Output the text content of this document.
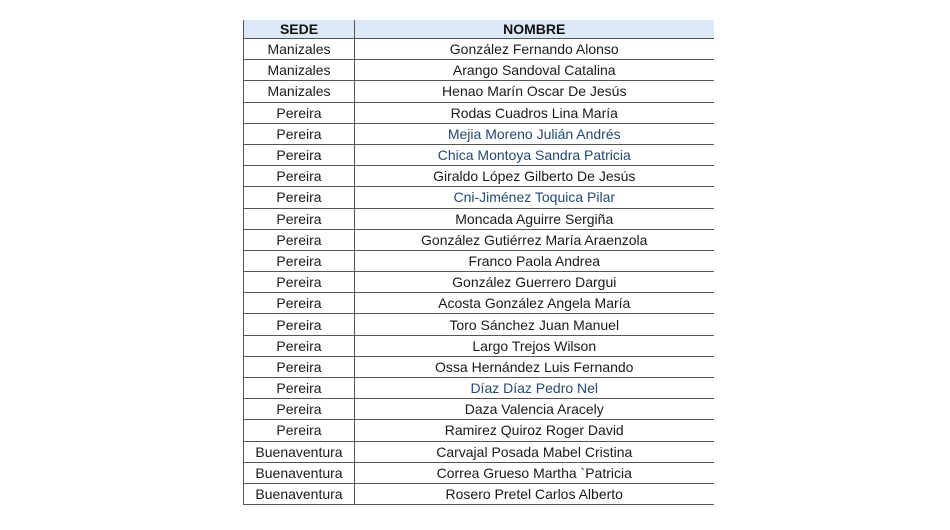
SEDE	NOMBRE
Manizales	González Fernando Alonso
Manizales	Arango Sandoval Catalina
Manizales	Henao Marín Oscar De Jesús
Pereira	Rodas Cuadros Lina María
Pereira	Mejia Moreno Julián Andrés
Pereira	Chica Montoya Sandra Patricia
Pereira	Giraldo López Gilberto De Jesús
Pereira	Cni-Jiménez Toquica Pilar
Pereira	Moncada Aguirre Sergiña
Pereira	González Gutiérrez María Araenzola
Pereira	Franco Paola Andrea
Pereira	González Guerrero Dargui
Pereira	Acosta González Angela María
Pereira	Toro Sánchez Juan Manuel
Pereira	Largo Trejos Wilson
Pereira	Ossa Hernández Luis Fernando
Pereira	Díaz Díaz Pedro Nel
Pereira	Daza Valencia Aracely
Pereira	Ramirez Quiroz Roger David
Buenaventura	Carvajal Posada Mabel Cristina
Buenaventura	Correa Grueso Martha `Patricia
Buenaventura	Rosero Pretel Carlos Alberto
